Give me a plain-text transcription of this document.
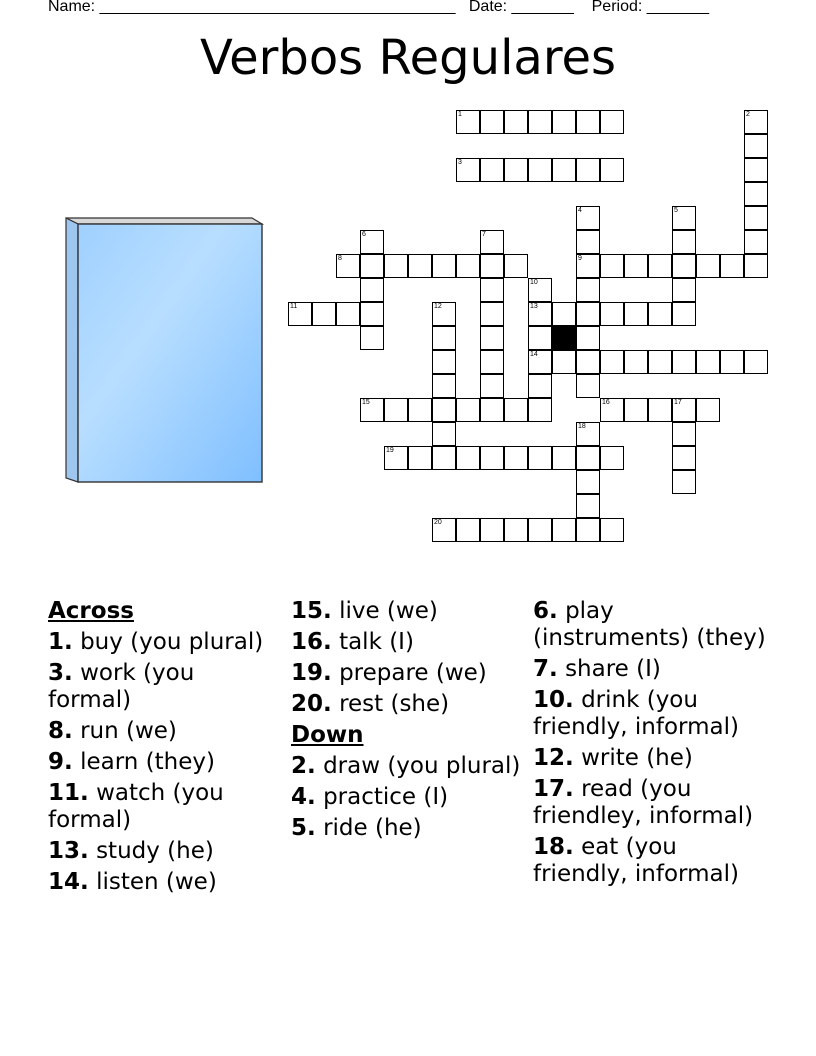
Name: ________________________________________ Date: _______ Period: _______
Verbos Regulares
1
3
8	9
11	13
14
15	16	17
19
20
2
4	5
6	7
10
12
18
Across
1. buy (you plural)
3. work (you formal)
8. run (we)
9. learn (they)
11. watch (you formal)
13. study (he)
14. listen (we)
15. live (we)
16. talk (I)
19. prepare (we)
20. rest (she)
Down
2. draw (you plural)
4. practice (I)
5. ride (he)
6. play (instruments) (they)
7. share (I)
10. drink (you friendly, informal)
12. write (he)
17. read (you friendley, informal)
18. eat (you friendly, informal)
